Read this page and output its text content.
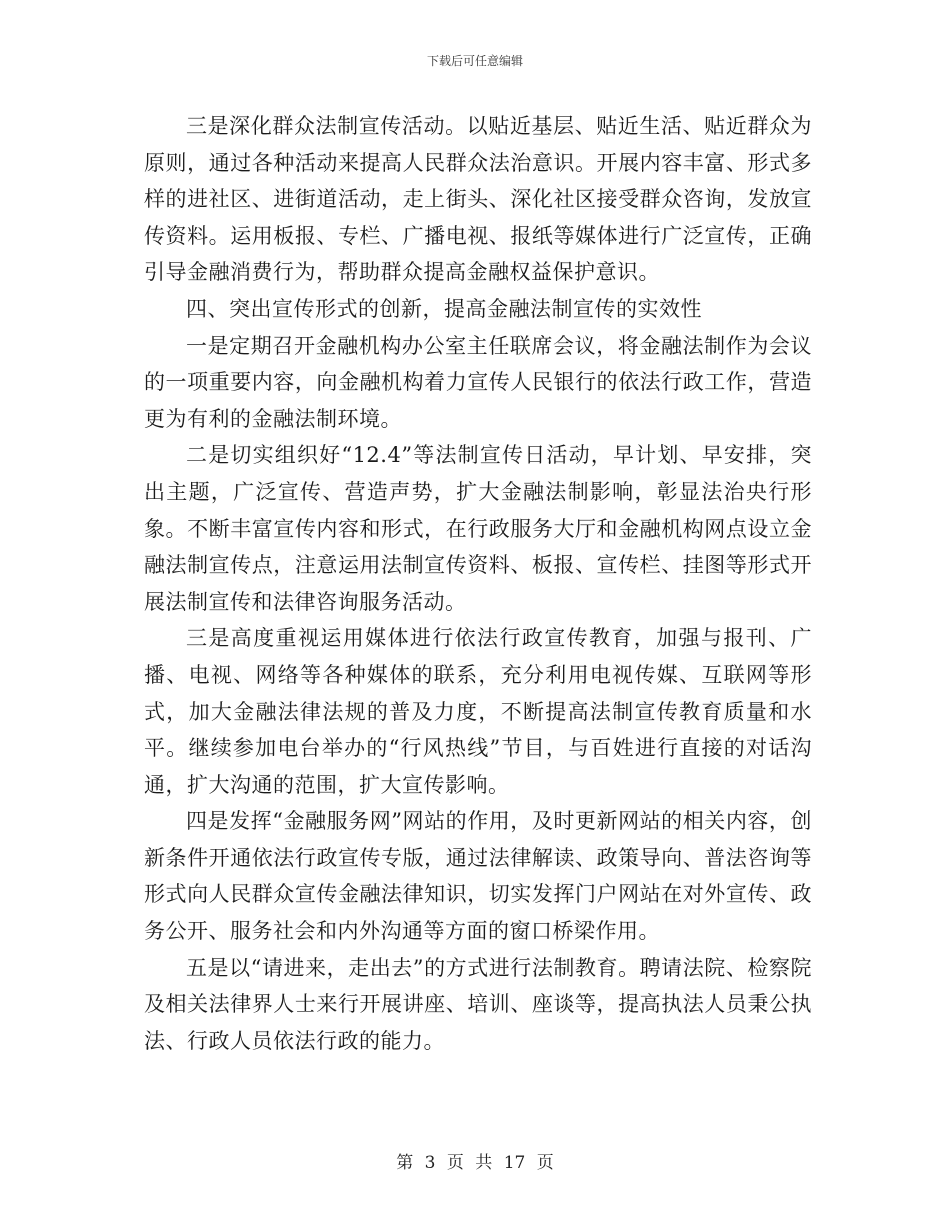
下载后可任意编辑

三是深化群众法制宣传活动。以贴近基层、贴近生活、贴近群众为原则，通过各种活动来提高人民群众法治意识。开展内容丰富、形式多样的进社区、进街道活动，走上街头、深化社区接受群众咨询，发放宣传资料。运用板报、专栏、广播电视、报纸等媒体进行广泛宣传，正确引导金融消费行为，帮助群众提高金融权益保护意识。

四、突出宣传形式的创新，提高金融法制宣传的实效性

一是定期召开金融机构办公室主任联席会议，将金融法制作为会议的一项重要内容，向金融机构着力宣传人民银行的依法行政工作，营造更为有利的金融法制环境。

二是切实组织好“12.4”等法制宣传日活动，早计划、早安排，突出主题，广泛宣传、营造声势，扩大金融法制影响，彰显法治央行形象。不断丰富宣传内容和形式，在行政服务大厅和金融机构网点设立金融法制宣传点，注意运用法制宣传资料、板报、宣传栏、挂图等形式开展法制宣传和法律咨询服务活动。

三是高度重视运用媒体进行依法行政宣传教育，加强与报刊、广播、电视、网络等各种媒体的联系，充分利用电视传媒、互联网等形式，加大金融法律法规的普及力度，不断提高法制宣传教育质量和水平。继续参加电台举办的“行风热线”节目，与百姓进行直接的对话沟通，扩大沟通的范围，扩大宣传影响。

四是发挥“金融服务网”网站的作用，及时更新网站的相关内容，创新条件开通依法行政宣传专版，通过法律解读、政策导向、普法咨询等形式向人民群众宣传金融法律知识，切实发挥门户网站在对外宣传、政务公开、服务社会和内外沟通等方面的窗口桥梁作用。

五是以“请进来，走出去”的方式进行法制教育。聘请法院、检察院及相关法律界人士来行开展讲座、培训、座谈等，提高执法人员秉公执法、行政人员依法行政的能力。

第 3 页 共 17 页
